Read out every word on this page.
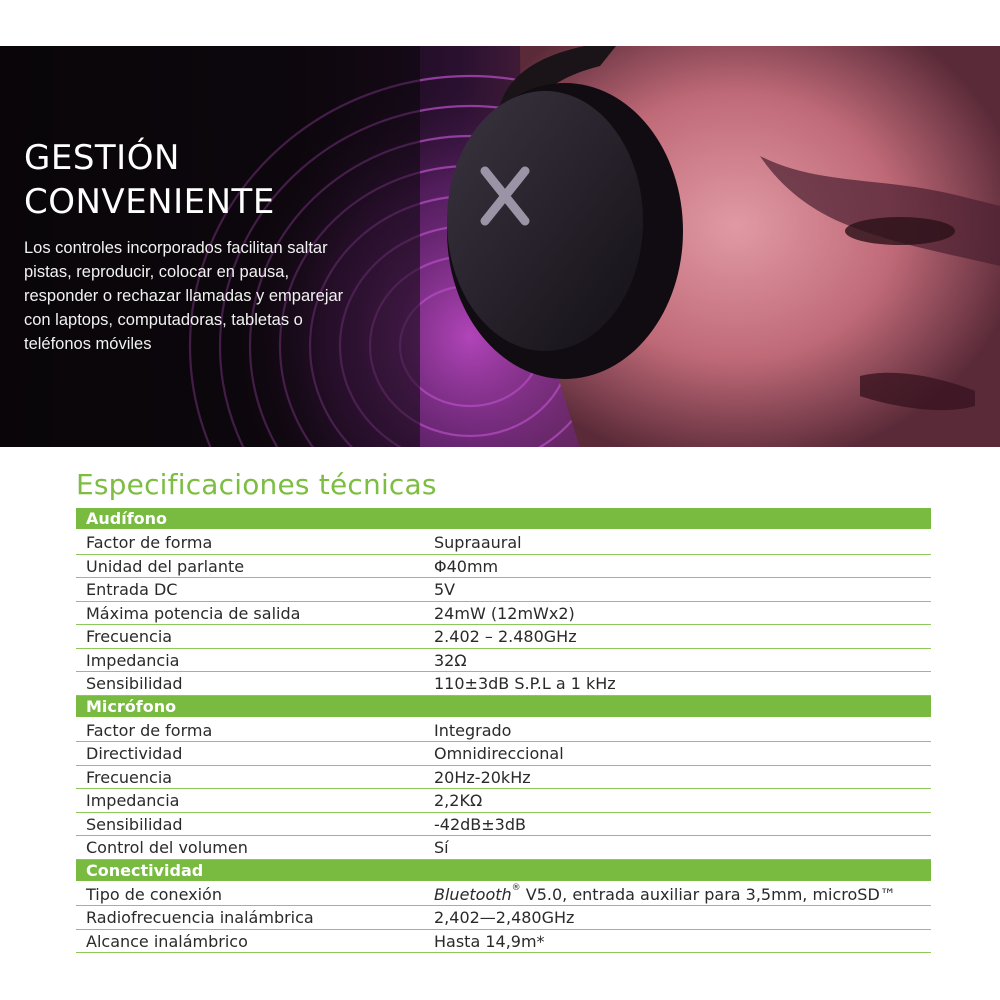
GESTIÓN
CONVENIENTE

Los controles incorporados facilitan saltar
pistas, reproducir, colocar en pausa,
responder o rechazar llamadas y emparejar
con laptops, computadoras, tabletas o
teléfonos móviles

Especificaciones técnicas
Audífono
Factor de forma	Supraaural
Unidad del parlante	Φ40mm
Entrada DC	5V
Máxima potencia de salida	24mW (12mWx2)
Frecuencia	2.402 – 2.480GHz
Impedancia	32Ω
Sensibilidad	110±3dB S.P.L a 1 kHz
Micrófono
Factor de forma	Integrado
Directividad	Omnidireccional
Frecuencia	20Hz-20kHz
Impedancia	2,2KΩ
Sensibilidad	-42dB±3dB
Control del volumen	Sí
Conectividad
Tipo de conexión	Bluetooth® V5.0, entrada auxiliar para 3,5mm, microSD™
Radiofrecuencia inalámbrica	2,402—2,480GHz
Alcance inalámbrico	Hasta 14,9m*
